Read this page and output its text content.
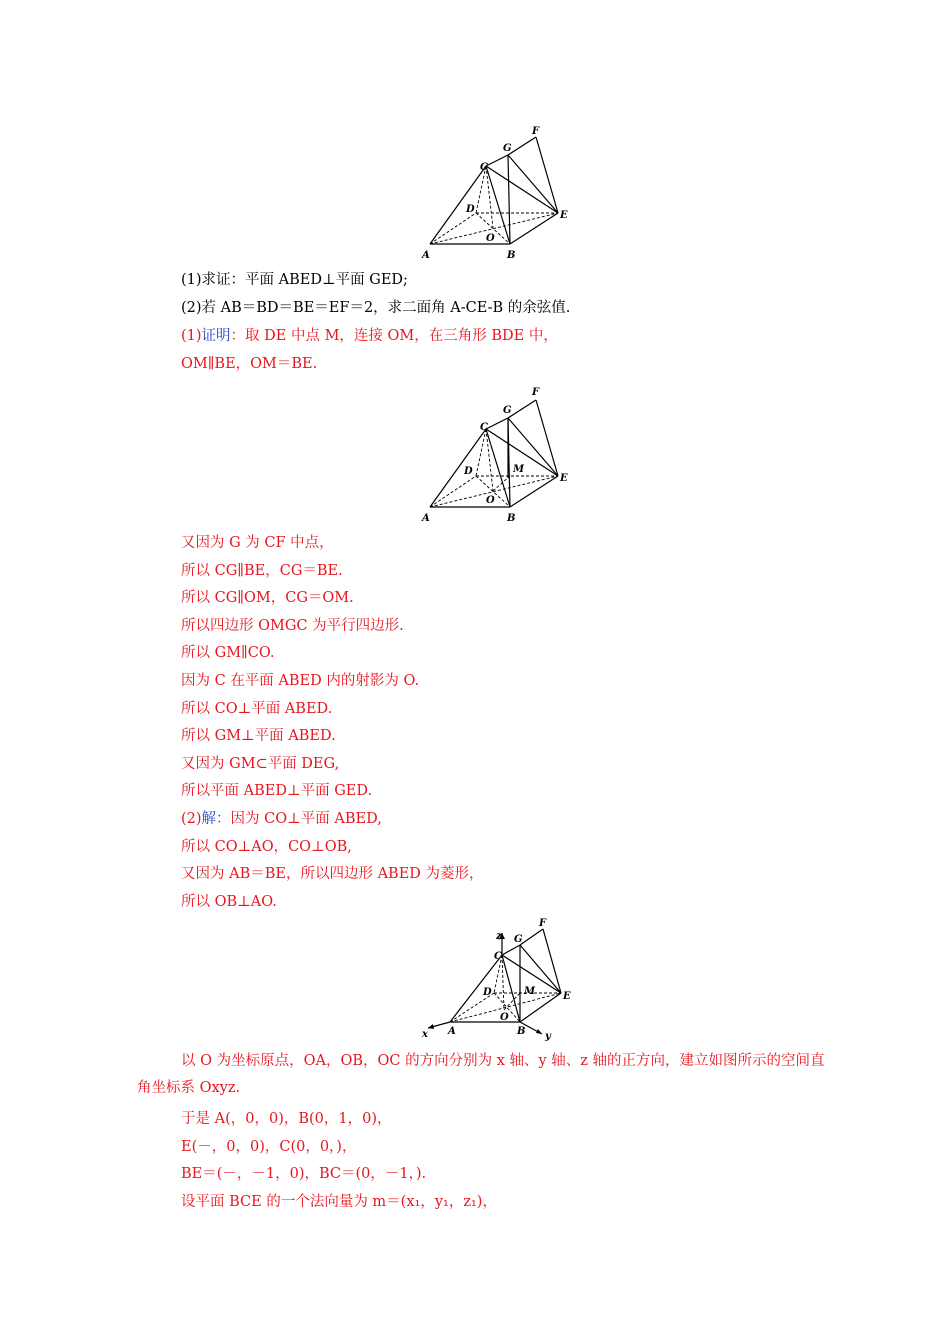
A	B
C
D
E
F
G
O
(1)求证：平面 ABED⊥平面 GED;
(2)若 AB＝BD＝BE＝EF＝2，求二面角 A-CE-B 的余弦值.
(1)证明：取 DE 中点 M，连接 OM，在三角形 BDE 中，
OM∥BE，OM＝BE.
A	B
C
D
E
F
G
O
M
又因为 G 为 CF 中点，
所以 CG∥BE，CG＝BE.
所以 CG∥OM，CG＝OM.
所以四边形 OMGC 为平行四边形.
所以 GM∥CO.
因为 C 在平面 ABED 内的射影为 O.
所以 CO⊥平面 ABED.
所以 GM⊥平面 ABED.
又因为 GM⊂平面 DEG,
所以平面 ABED⊥平面 GED.
(2)解：因为 CO⊥平面 ABED,
所以 CO⊥AO，CO⊥OB,
又因为 AB＝BE，所以四边形 ABED 为菱形，
所以 OB⊥AO.
x	y
z
A	B
C
D	E
F
G
O
M
以 O 为坐标原点，OA，OB，OC 的方向分别为 x 轴、y 轴、z 轴的正方向，建立如图所示的空间直角坐标系 Oxyz.
于是 A(，0，0)，B(0，1，0)，
E(－，0，0)，C(0，0，)，
BE＝(－，－1，0)，BC＝(0，－1，).
设平面 BCE 的一个法向量为 m＝(x₁，y₁，z₁)，
